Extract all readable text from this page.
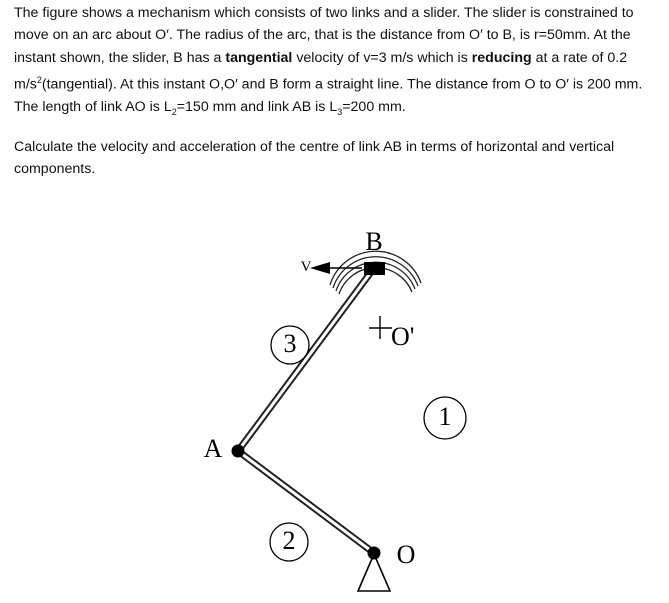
The figure shows a mechanism which consists of two links and a slider. The slider is constrained to move on an arc about O′. The radius of the arc, that is the distance from O′ to B, is r=50mm. At the instant shown, the slider, B has a tangential velocity of v=3 m/s which is reducing at a rate of 0.2 $m/s^2(tangential)$. At this instant O,O′ and B form a straight line. The distance from O to O′ is 200 mm. The length of link AO is $L_2=150$ mm and link AB is $L_3=200$ mm.

Calculate the velocity and acceleration of the centre of link AB in terms of horizontal and vertical components.

B
A
O
O'
3
2
1
V
